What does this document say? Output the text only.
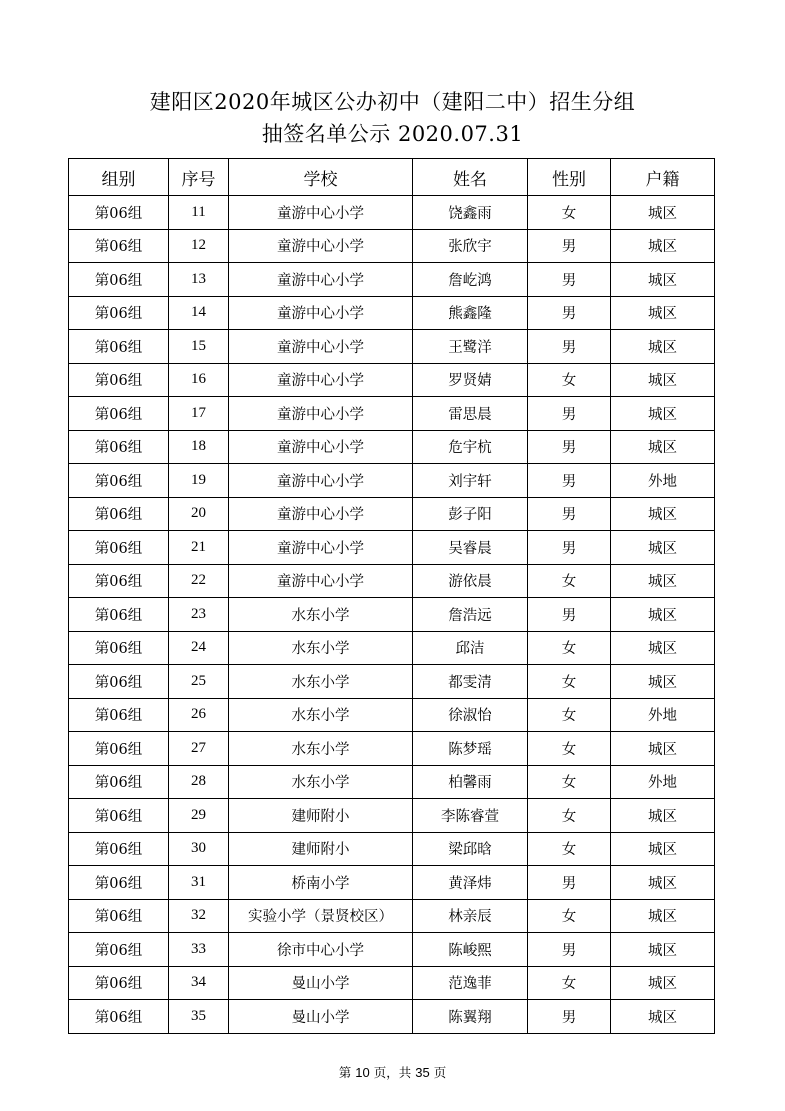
建阳区2020年城区公办初中（建阳二中）招生分组
抽签名单公示 2020.07.31
组别	序号	学校	姓名	性别	户籍
第06组	11	童游中心小学	饶鑫雨	女	城区
第06组	12	童游中心小学	张欣宇	男	城区
第06组	13	童游中心小学	詹屹鸿	男	城区
第06组	14	童游中心小学	熊鑫隆	男	城区
第06组	15	童游中心小学	王鹭洋	男	城区
第06组	16	童游中心小学	罗贤婧	女	城区
第06组	17	童游中心小学	雷思晨	男	城区
第06组	18	童游中心小学	危宇杭	男	城区
第06组	19	童游中心小学	刘宇轩	男	外地
第06组	20	童游中心小学	彭子阳	男	城区
第06组	21	童游中心小学	吴睿晨	男	城区
第06组	22	童游中心小学	游依晨	女	城区
第06组	23	水东小学	詹浩远	男	城区
第06组	24	水东小学	邱洁	女	城区
第06组	25	水东小学	都雯清	女	城区
第06组	26	水东小学	徐淑怡	女	外地
第06组	27	水东小学	陈梦瑶	女	城区
第06组	28	水东小学	柏馨雨	女	外地
第06组	29	建师附小	李陈睿萱	女	城区
第06组	30	建师附小	梁邱晗	女	城区
第06组	31	桥南小学	黄泽炜	男	城区
第06组	32	实验小学（景贤校区）	林亲辰	女	城区
第06组	33	徐市中心小学	陈峻熙	男	城区
第06组	34	曼山小学	范逸菲	女	城区
第06组	35	曼山小学	陈翼翔	男	城区
第 10 页，共 35 页
